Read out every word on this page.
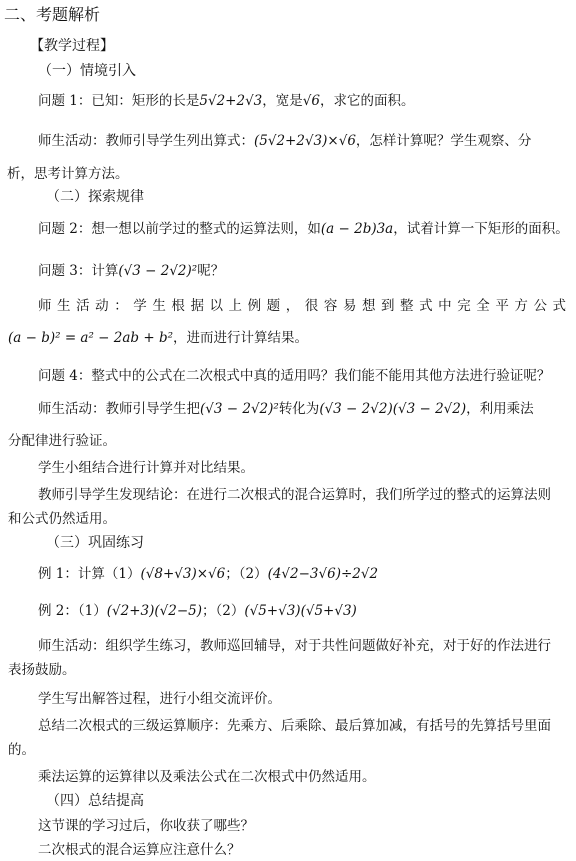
二、考题解析
【教学过程】
（一）情境引入
问题 1：已知：矩形的长是5√2+2√3，宽是√6，求它的面积。
师生活动：教师引导学生列出算式：(5√2+2√3)×√6，怎样计算呢？学生观察、分
析，思考计算方法。
（二）探索规律
问题 2：想一想以前学过的整式的运算法则，如(a − 2b)3a，试着计算一下矩形的面积。
问题 3：计算(√3 − 2√2)²呢？
师生活动：学生根据以上例题，很容易想到整式中完全平方公式
(a − b)² = a² − 2ab + b²，进而进行计算结果。
问题 4：整式中的公式在二次根式中真的适用吗？我们能不能用其他方法进行验证呢？
师生活动：教师引导学生把(√3 − 2√2)²转化为(√3 − 2√2)(√3 − 2√2)，利用乘法
分配律进行验证。
学生小组结合进行计算并对比结果。
教师引导学生发现结论：在进行二次根式的混合运算时，我们所学过的整式的运算法则
和公式仍然适用。
（三）巩固练习
例 1：计算（1）(√8+√3)×√6；（2）(4√2−3√6)÷2√2
例 2：（1）(√2+3)(√2−5)；（2）(√5+√3)(√5+√3)
师生活动：组织学生练习，教师巡回辅导，对于共性问题做好补充，对于好的作法进行
表扬鼓励。
学生写出解答过程，进行小组交流评价。
总结二次根式的三级运算顺序：先乘方、后乘除、最后算加减，有括号的先算括号里面
的。
乘法运算的运算律以及乘法公式在二次根式中仍然适用。
（四）总结提高
这节课的学习过后，你收获了哪些？
二次根式的混合运算应注意什么？
